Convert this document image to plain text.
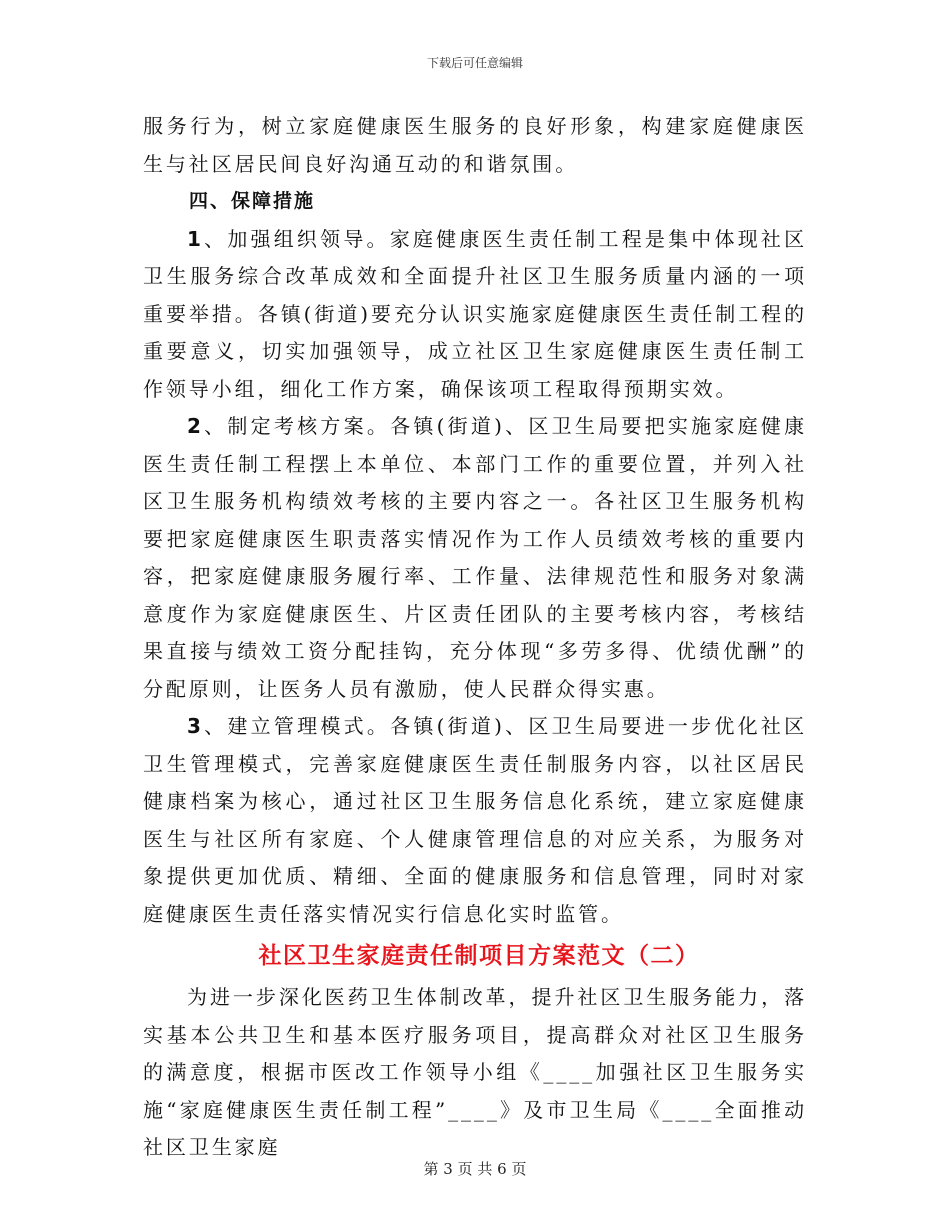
下载后可任意编辑

服务行为，树立家庭健康医生服务的良好形象，构建家庭健康医生与社区居民间良好沟通互动的和谐氛围。

四、保障措施

1、加强组织领导。家庭健康医生责任制工程是集中体现社区卫生服务综合改革成效和全面提升社区卫生服务质量内涵的一项重要举措。各镇(街道)要充分认识实施家庭健康医生责任制工程的重要意义，切实加强领导，成立社区卫生家庭健康医生责任制工作领导小组，细化工作方案，确保该项工程取得预期实效。

2、制定考核方案。各镇(街道)、区卫生局要把实施家庭健康医生责任制工程摆上本单位、本部门工作的重要位置，并列入社区卫生服务机构绩效考核的主要内容之一。各社区卫生服务机构要把家庭健康医生职责落实情况作为工作人员绩效考核的重要内容，把家庭健康服务履行率、工作量、法律规范性和服务对象满意度作为家庭健康医生、片区责任团队的主要考核内容，考核结果直接与绩效工资分配挂钩，充分体现“多劳多得、优绩优酬”的分配原则，让医务人员有激励，使人民群众得实惠。

3、建立管理模式。各镇(街道)、区卫生局要进一步优化社区卫生管理模式，完善家庭健康医生责任制服务内容，以社区居民健康档案为核心，通过社区卫生服务信息化系统，建立家庭健康医生与社区所有家庭、个人健康管理信息的对应关系，为服务对象提供更加优质、精细、全面的健康服务和信息管理，同时对家庭健康医生责任落实情况实行信息化实时监管。

社区卫生家庭责任制项目方案范文（二）

为进一步深化医药卫生体制改革，提升社区卫生服务能力，落实基本公共卫生和基本医疗服务项目，提高群众对社区卫生服务的满意度，根据市医改工作领导小组《____加强社区卫生服务实施“家庭健康医生责任制工程”____》及市卫生局《____全面推动社区卫生家庭

第 3 页 共 6 页
